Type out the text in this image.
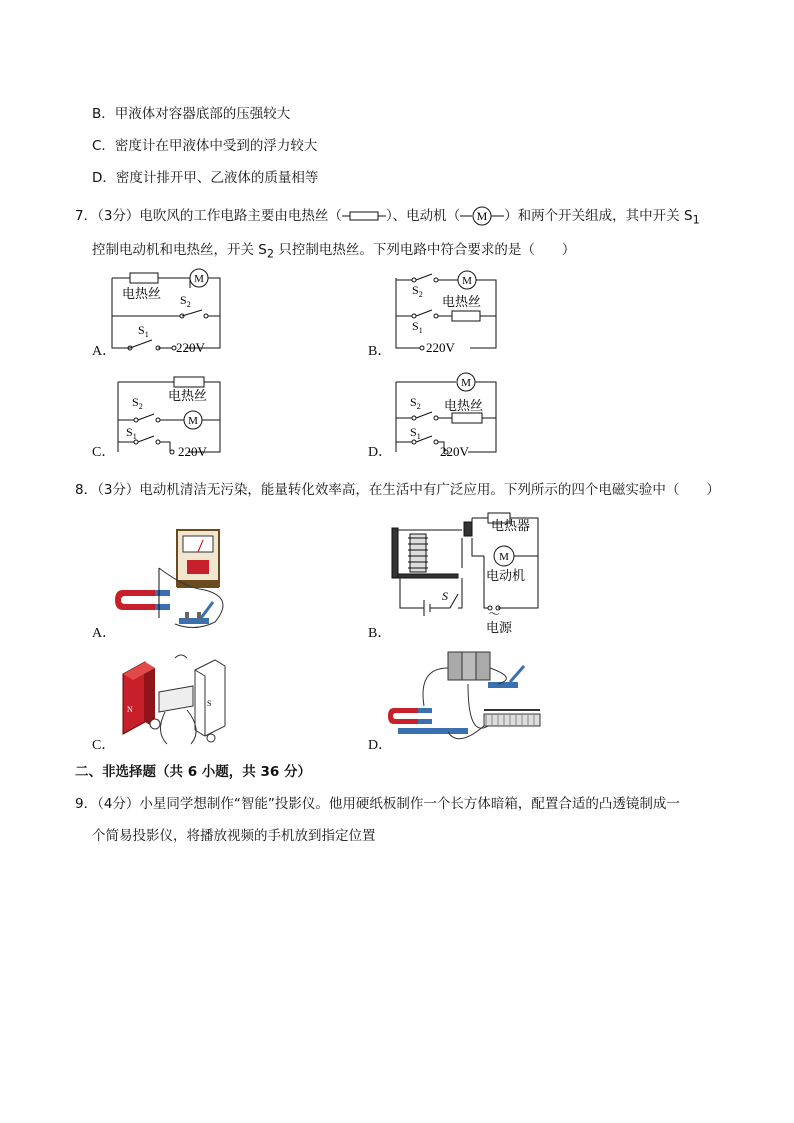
B．甲液体对容器底部的压强较大
C．密度计在甲液体中受到的浮力较大
D．密度计排开甲、乙液体的质量相等
7．（3分）电吹风的工作电路主要由电热丝（	）、电动机（ M ）和两个开关组成，其中开关 $S_1$
控制电动机和电热丝，开关 $S_2$ 只控制电热丝。下列电路中符合要求的是（　　）
A．
M
电热丝 $S_2$
$S_1$
220V	B．
M
$S_2$
电热丝
$S_1$
220V
C．
M
$S_2$
电热丝
$S_1$
220V	D．
M
$S_2$ 电热丝
$S_1$
220V
8．（3分）电动机清洁无污染，能量转化效率高，在生活中有广泛应用。下列所示的四个电磁实验中（　　）
A．	B．
电热器
M
电动机
S
～
电源
C．
N
S
D．
二、非选择题（共 6 小题，共 36 分）
9．（4分）小星同学想制作“智能”投影仪。他用硬纸板制作一个长方体暗箱，配置合适的凸透镜制成一
个简易投影仪，将播放视频的手机放到指定位置
